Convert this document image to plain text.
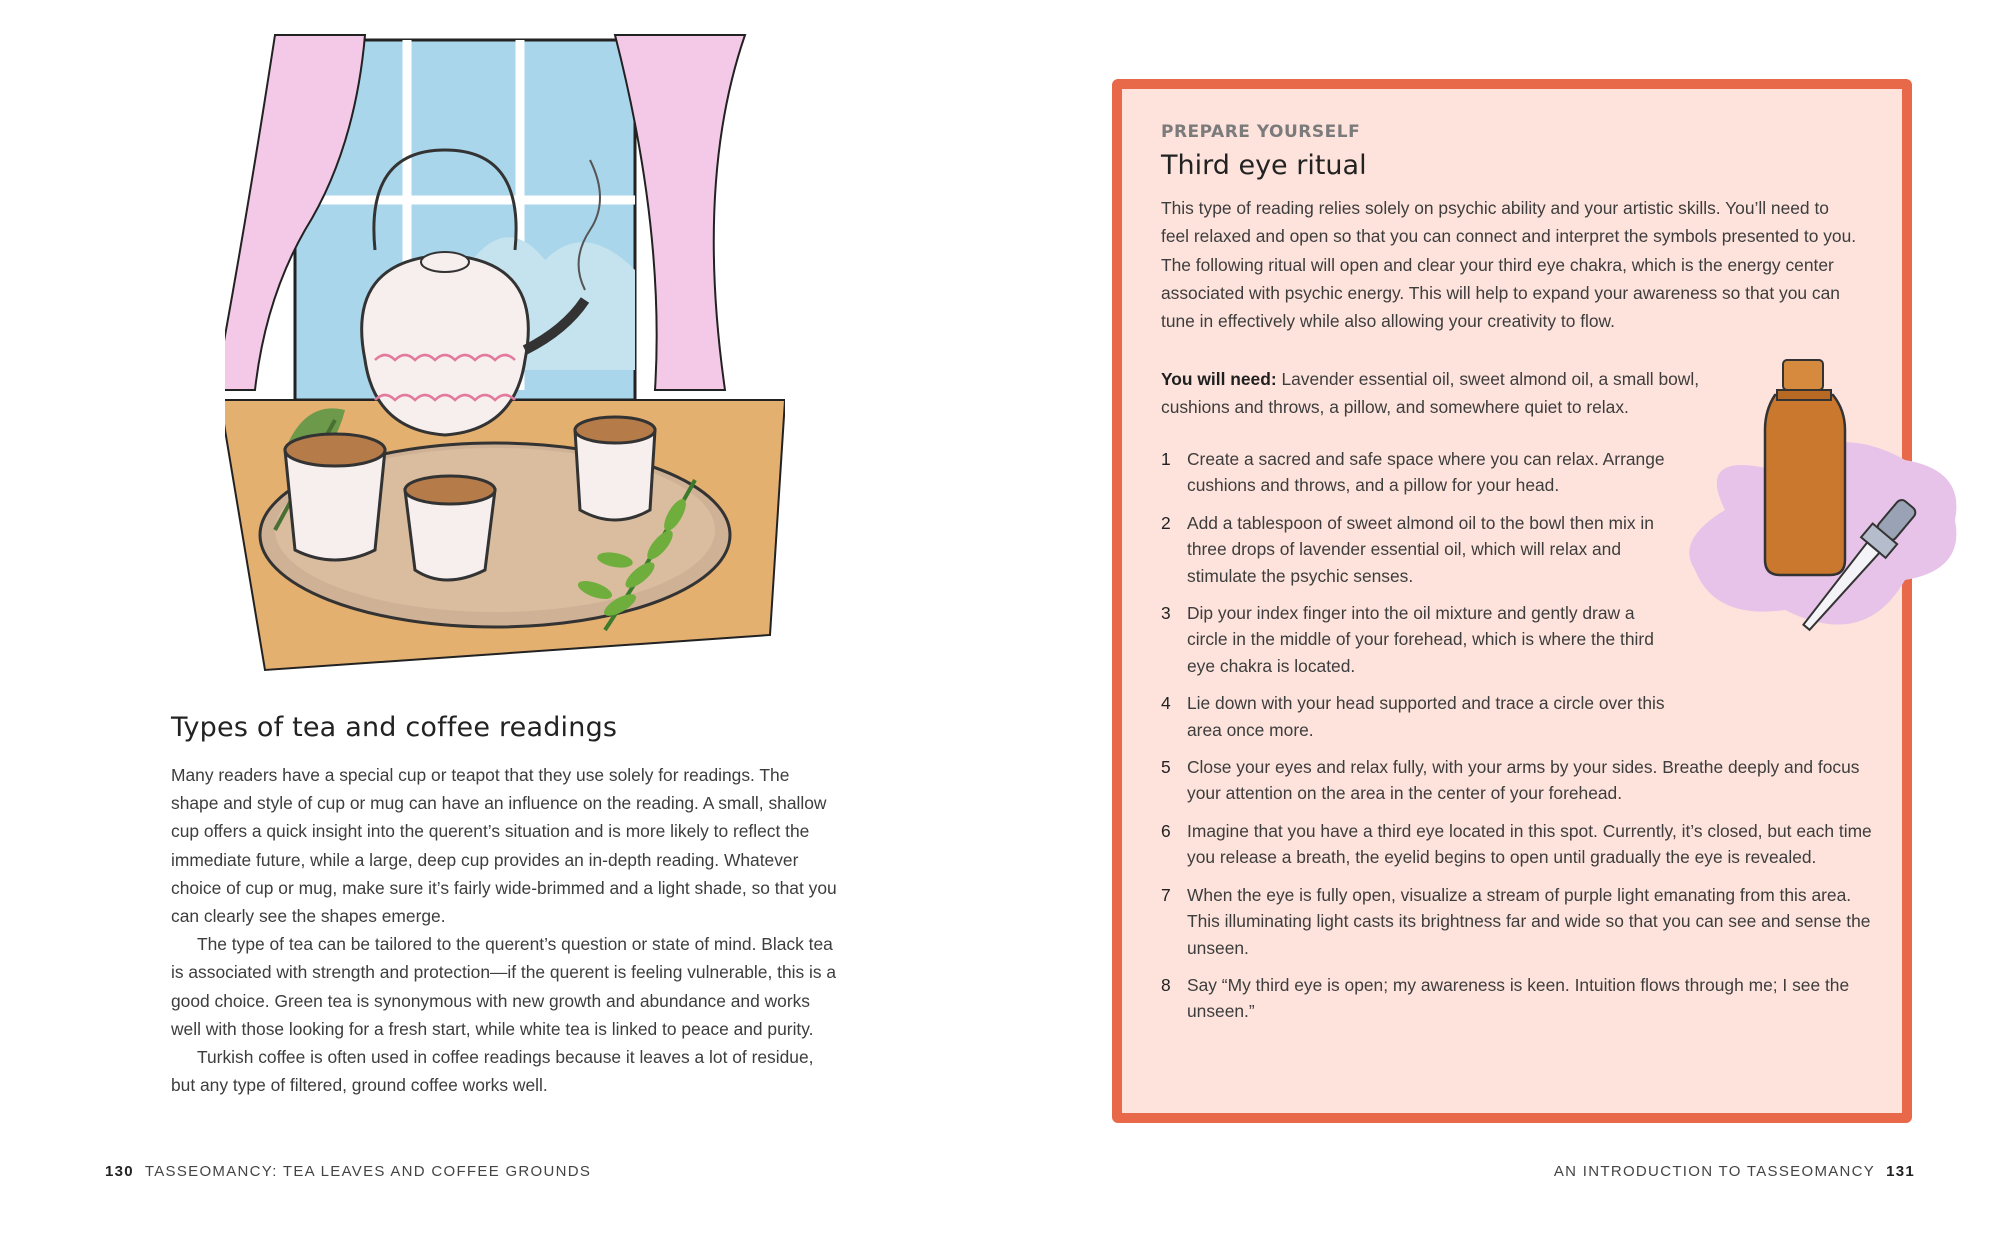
Types of tea and coffee readings

Many readers have a special cup or teapot that they use solely for readings. The shape and style of cup or mug can have an influence on the reading. A small, shallow cup offers a quick insight into the querent’s situation and is more likely to reflect the immediate future, while a large, deep cup provides an in-depth reading. Whatever choice of cup or mug, make sure it’s fairly wide-brimmed and a light shade, so that you can clearly see the shapes emerge.

The type of tea can be tailored to the querent’s question or state of mind. Black tea is associated with strength and protection—if the querent is feeling vulnerable, this is a good choice. Green tea is synonymous with new growth and abundance and works well with those looking for a fresh start, while white tea is linked to peace and purity.

Turkish coffee is often used in coffee readings because it leaves a lot of residue, but any type of filtered, ground coffee works well.

130 TASSEOMANCY: TEA LEAVES AND COFFEE GROUNDS
PREPARE YOURSELF
Third eye ritual

This type of reading relies solely on psychic ability and your artistic skills. You’ll need to feel relaxed and open so that you can connect and interpret the symbols presented to you. The following ritual will open and clear your third eye chakra, which is the energy center associated with psychic energy. This will help to expand your awareness so that you can tune in effectively while also allowing your creativity to flow.

You will need: Lavender essential oil, sweet almond oil, a small bowl, cushions and throws, a pillow, and somewhere quiet to relax.

1 Create a sacred and safe space where you can relax. Arrange cushions and throws, and a pillow for your head.
2 Add a tablespoon of sweet almond oil to the bowl then mix in three drops of lavender essential oil, which will relax and stimulate the psychic senses.
3 Dip your index finger into the oil mixture and gently draw a circle in the middle of your forehead, which is where the third eye chakra is located.
4 Lie down with your head supported and trace a circle over this area once more.
5 Close your eyes and relax fully, with your arms by your sides. Breathe deeply and focus your attention on the area in the center of your forehead.
6 Imagine that you have a third eye located in this spot. Currently, it’s closed, but each time you release a breath, the eyelid begins to open until gradually the eye is revealed.
7 When the eye is fully open, visualize a stream of purple light emanating from this area. This illuminating light casts its brightness far and wide so that you can see and sense the unseen.
8 Say “My third eye is open; my awareness is keen. Intuition flows through me; I see the unseen.”
AN INTRODUCTION TO TASSEOMANCY 131
